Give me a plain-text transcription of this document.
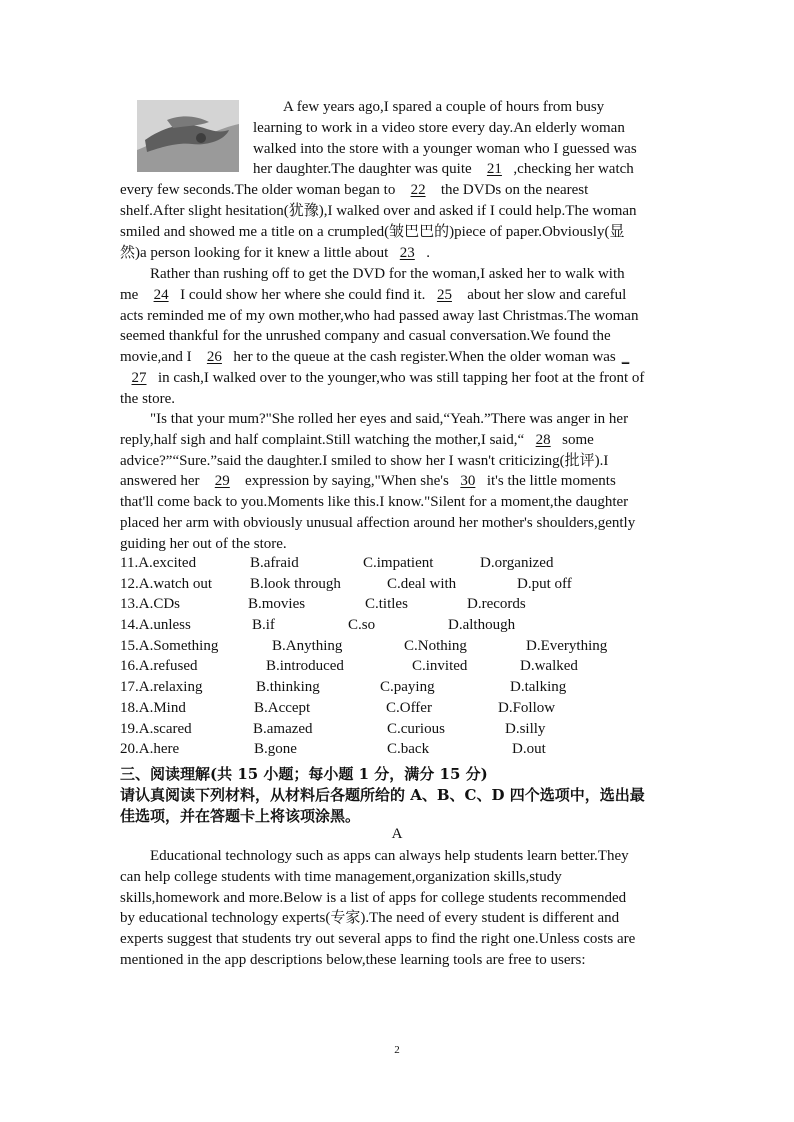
A few years ago,I spared a couple of hours from busy
learning to work in a video store every day.An elderly woman
walked into the store with a younger woman who I guessed was
her daughter.The daughter was quite 21 ,checking her watch
every few seconds.The older woman began to 22 the DVDs on the nearest
shelf.After slight hesitation(犹豫),I walked over and asked if I could help.The woman
smiled and showed me a title on a crumpled(皱巴巴的)piece of paper.Obviously(显
然)a person looking for it knew a little about 23 .
Rather than rushing off to get the DVD for the woman,I asked her to walk with
me 24 I could show her where she could find it. 25 about her slow and careful
acts reminded me of my own mother,who had passed away last Christmas.The woman
seemed thankful for the unrushed company and casual conversation.We found the
movie,and I 26 her to the queue at the cash register.When the older woman was _
27 in cash,I walked over to the younger,who was still tapping her foot at the front of
the store.
"Is that your mum?"She rolled her eyes and said,“Yeah.”There was anger in her
reply,half sigh and half complaint.Still watching the mother,I said,“ 28 some
advice?”“Sure.”said the daughter.I smiled to show her I wasn't criticizing(批评).I
answered her 29 expression by saying,"When she's 30 it's the little moments
that'll come back to you.Moments like this.I know."Silent for a moment,the daughter
placed her arm with obviously unusual affection around her mother's shoulders,gently
guiding her out of the store.
11.A.excited	B.afraid	C.impatient	D.organized
12.A.watch out	B.look through	C.deal with	D.put off
13.A.CDs	B.movies	C.titles	D.records
14.A.unless	B.if	C.so	D.although
15.A.Something	B.Anything	C.Nothing	D.Everything
16.A.refused	B.introduced	C.invited	D.walked
17.A.relaxing	B.thinking	C.paying	D.talking
18.A.Mind	B.Accept	C.Offer	D.Follow
19.A.scared	B.amazed	C.curious	D.silly
20.A.here	B.gone	C.back	D.out
三、阅读理解(共 15 小题；每小题 1 分，满分 15 分)
请认真阅读下列材料，从材料后各题所给的 A、B、C、D 四个选项中，选出最
佳选项，并在答题卡上将该项涂黑。
A
Educational technology such as apps can always help students learn better.They
can help college students with time management,organization skills,study
skills,homework and more.Below is a list of apps for college students recommended
by educational technology experts(专家).The need of every student is different and
experts suggest that students try out several apps to find the right one.Unless costs are
mentioned in the app descriptions below,these learning tools are free to users:
2
